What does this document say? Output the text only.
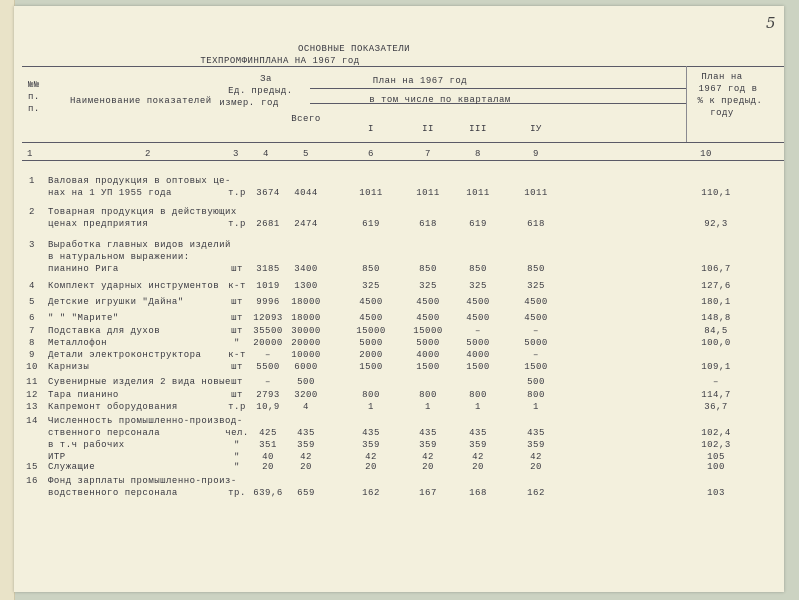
5
ОСНОВНЫЕ ПОКАЗАТЕЛИ
ТЕХПРОМФИНПЛАНА НА 1967 год
№№
п.
п.
Наименование показателей
Ед.
измер.
За
предыд.
год
План на 1967 год
в том числе по кварталам
Всего
I	II	III	IУ
План на
1967 год в
% к предыд.
году
1	2	3	4	5	6	7	8	9	10
1 Валовая продукция в оптовых це-
нах на 1 УП 1955 года	т.р 3674 4044	1011	1011	1011	1011	110,1
2 Товарная продукция в действующих
ценах предприятия	т.р 2681 2474	619	618	619	618	92,3
3 Выработка главных видов изделий
в натуральном выражении:
пианино Рига	шт 3185 3400	850	850	850	850	106,7
4 Комплект ударных инструментов к-т 1019 1300	325	325	325	325	127,6
5 Детские игрушки "Дайна"	шт 9996 18000	4500	4500	4500	4500	180,1
6 " " "Марите"	шт 12093 18000	4500	4500	4500	4500	148,8
7 Подставка для духов	шт 35500 30000	15000	15000	–	–	84,5
8 Металлофон	" 20000 20000	5000	5000	5000	5000	100,0
9 Детали электроконструктора	к-т – 10000	2000	4000	4000	–
10 Карнизы	шт 5500 6000	1500	1500	1500	1500	109,1
11 Сувенирные изделия 2 вида новые шт –	500	500	–
12 Тара пианино	шт 2793 3200	800	800	800	800	114,7
13 Капремонт оборудования	т.р 10,9	4	1	1	1	1	36,7
14 Численность промышленно-производ-
ственного персонала	чел. 425 435	435	435	435	435	102,4
в т.ч рабочих	" 351 359	359	359	359	359	102,3
ИТР	" 40	42	42	42	42	42	105
15 Служащие	" 20	20	20	20	20	20	100
16 Фонд зарплаты промышленно-произ-
водственного персонала	тр. 639,6 659	162	167	168	162	103
